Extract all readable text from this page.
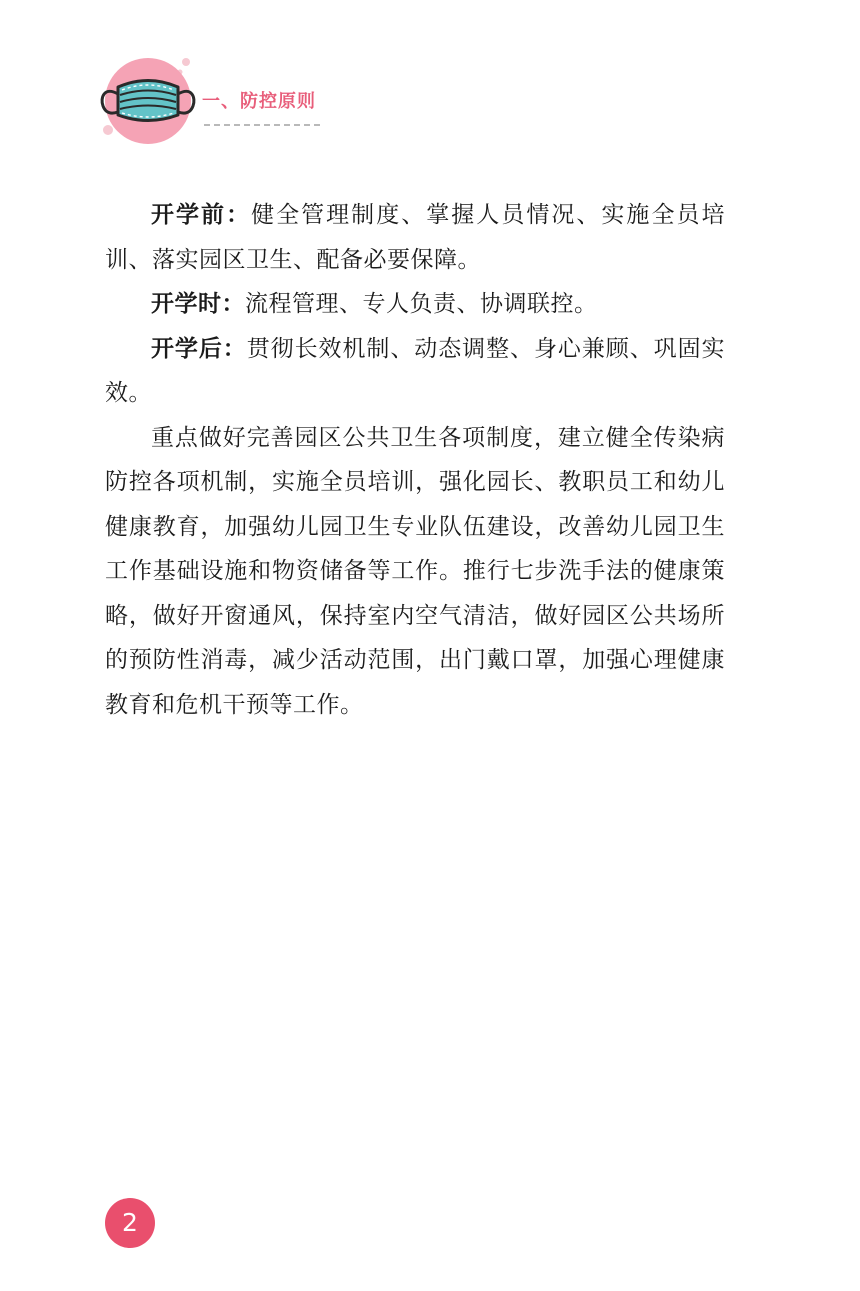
一、防控原则

开学前：健全管理制度、掌握人员情况、实施全员培训、落实园区卫生、配备必要保障。

开学时：流程管理、专人负责、协调联控。

开学后：贯彻长效机制、动态调整、身心兼顾、巩固实效。

重点做好完善园区公共卫生各项制度，建立健全传染病防控各项机制，实施全员培训，强化园长、教职员工和幼儿健康教育，加强幼儿园卫生专业队伍建设，改善幼儿园卫生工作基础设施和物资储备等工作。推行七步洗手法的健康策略，做好开窗通风，保持室内空气清洁，做好园区公共场所的预防性消毒，减少活动范围，出门戴口罩，加强心理健康教育和危机干预等工作。

2
